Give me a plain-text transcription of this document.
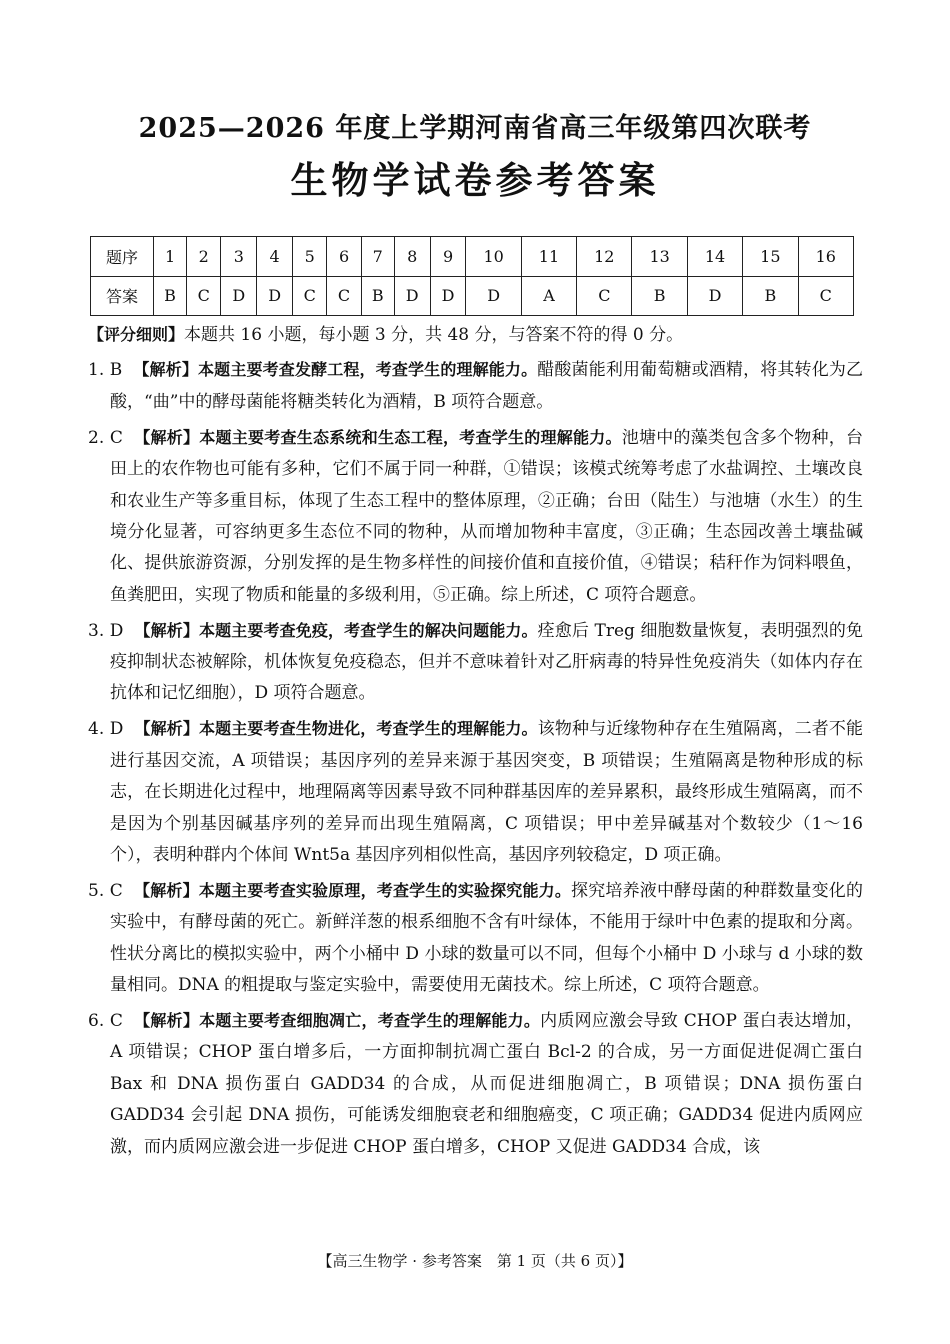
2025—2026 年度上学期河南省高三年级第四次联考
生物学试卷参考答案
题序	1	2	3	4	5	6	7	8	9	10	11	12	13	14	15	16
答案	B	C	D	D	C	C	B	D	D	D	A	C	B	D	B	C
【评分细则】本题共 16 小题，每小题 3 分，共 48 分，与答案不符的得 0 分。

1. B 【解析】本题主要考查发酵工程，考查学生的理解能力。醋酸菌能利用葡萄糖或酒精，将其转化为乙酸，“曲”中的酵母菌能将糖类转化为酒精，B 项符合题意。

2. C 【解析】本题主要考查生态系统和生态工程，考查学生的理解能力。池塘中的藻类包含多个物种，台田上的农作物也可能有多种，它们不属于同一种群，①错误；该模式统筹考虑了水盐调控、土壤改良和农业生产等多重目标，体现了生态工程中的整体原理，②正确；台田（陆生）与池塘（水生）的生境分化显著，可容纳更多生态位不同的物种，从而增加物种丰富度，③正确；生态园改善土壤盐碱化、提供旅游资源，分别发挥的是生物多样性的间接价值和直接价值，④错误；秸秆作为饲料喂鱼，鱼粪肥田，实现了物质和能量的多级利用，⑤正确。综上所述，C 项符合题意。

3. D 【解析】本题主要考查免疫，考查学生的解决问题能力。痊愈后 Treg 细胞数量恢复，表明强烈的免疫抑制状态被解除，机体恢复免疫稳态，但并不意味着针对乙肝病毒的特异性免疫消失（如体内存在抗体和记忆细胞），D 项符合题意。

4. D 【解析】本题主要考查生物进化，考查学生的理解能力。该物种与近缘物种存在生殖隔离，二者不能进行基因交流，A 项错误；基因序列的差异来源于基因突变，B 项错误；生殖隔离是物种形成的标志，在长期进化过程中，地理隔离等因素导致不同种群基因库的差异累积，最终形成生殖隔离，而不是因为个别基因碱基序列的差异而出现生殖隔离，C 项错误；甲中差异碱基对个数较少（1～16 个），表明种群内个体间 Wnt5a 基因序列相似性高，基因序列较稳定，D 项正确。

5. C 【解析】本题主要考查实验原理，考查学生的实验探究能力。探究培养液中酵母菌的种群数量变化的实验中，有酵母菌的死亡。新鲜洋葱的根系细胞不含有叶绿体，不能用于绿叶中色素的提取和分离。性状分离比的模拟实验中，两个小桶中 D 小球的数量可以不同，但每个小桶中 D 小球与 d 小球的数量相同。DNA 的粗提取与鉴定实验中，需要使用无菌技术。综上所述，C 项符合题意。

6. C 【解析】本题主要考查细胞凋亡，考查学生的理解能力。内质网应激会导致 CHOP 蛋白表达增加，A 项错误；CHOP 蛋白增多后，一方面抑制抗凋亡蛋白 Bcl-2 的合成，另一方面促进促凋亡蛋白 Bax 和 DNA 损伤蛋白 GADD34 的合成，从而促进细胞凋亡，B 项错误；DNA 损伤蛋白 GADD34 会引起 DNA 损伤，可能诱发细胞衰老和细胞癌变，C 项正确；GADD34 促进内质网应激，而内质网应激会进一步促进 CHOP 蛋白增多，CHOP 又促进 GADD34 合成，该

【高三生物学 · 参考答案　第 1 页（共 6 页）】
